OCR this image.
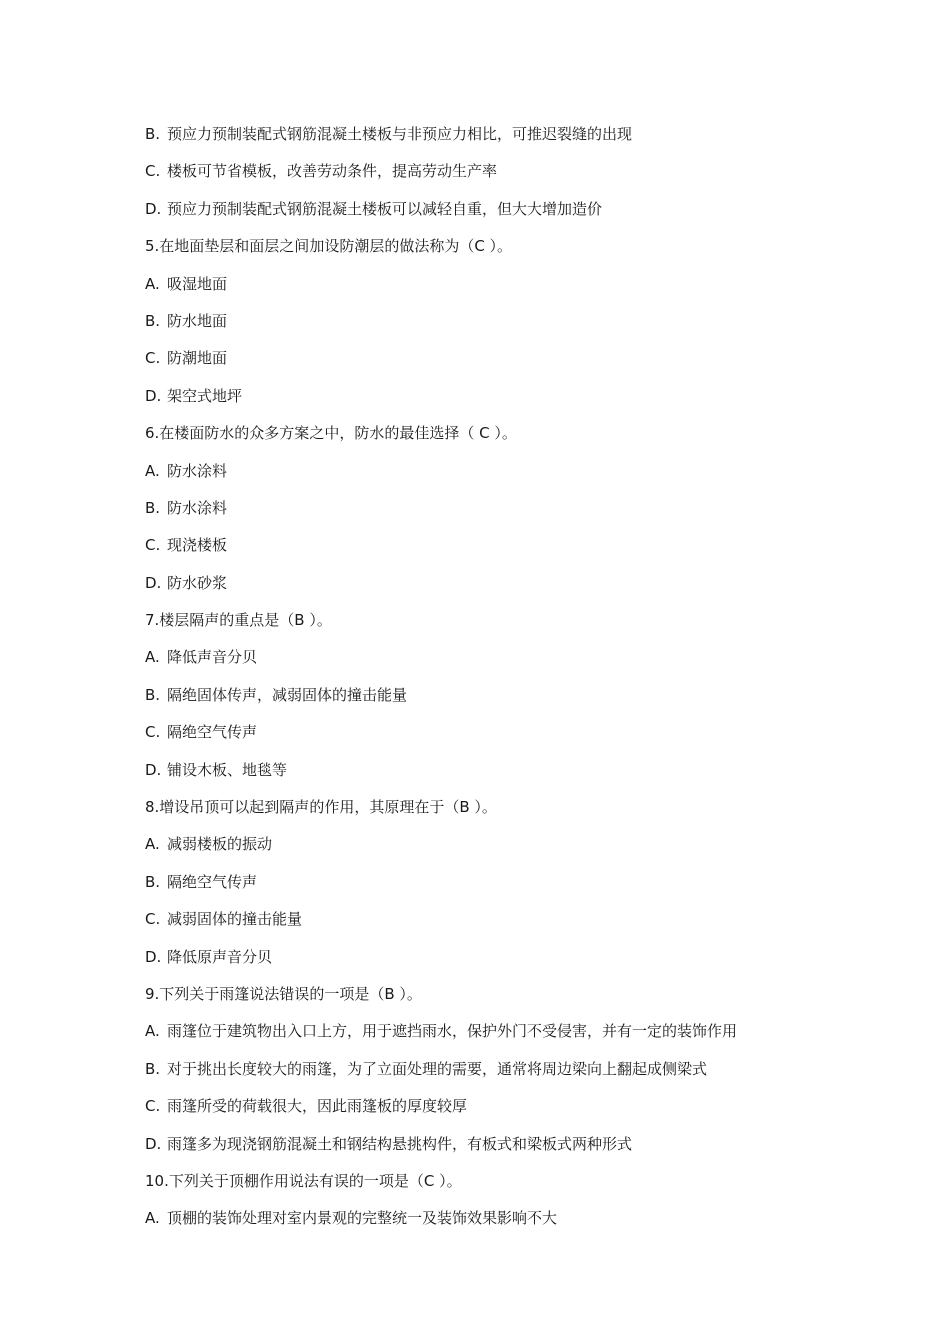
B. 预应力预制装配式钢筋混凝土楼板与非预应力相比，可推迟裂缝的出现
C. 楼板可节省模板，改善劳动条件，提高劳动生产率
D. 预应力预制装配式钢筋混凝土楼板可以减轻自重，但大大增加造价
5.在地面垫层和面层之间加设防潮层的做法称为（C ）。
A. 吸湿地面
B. 防水地面
C. 防潮地面
D. 架空式地坪
6.在楼面防水的众多方案之中，防水的最佳选择（ C ）。
A. 防水涂料
B. 防水涂料
C. 现浇楼板
D. 防水砂浆
7.楼层隔声的重点是（B ）。
A. 降低声音分贝
B. 隔绝固体传声，减弱固体的撞击能量
C. 隔绝空气传声
D. 铺设木板、地毯等
8.增设吊顶可以起到隔声的作用，其原理在于（B ）。
A. 减弱楼板的振动
B. 隔绝空气传声
C. 减弱固体的撞击能量
D. 降低原声音分贝
9.下列关于雨篷说法错误的一项是（B ）。
A. 雨篷位于建筑物出入口上方，用于遮挡雨水，保护外门不受侵害，并有一定的装饰作用
B. 对于挑出长度较大的雨篷，为了立面处理的需要，通常将周边梁向上翻起成侧梁式
C. 雨篷所受的荷载很大，因此雨篷板的厚度较厚
D. 雨篷多为现浇钢筋混凝土和钢结构悬挑构件，有板式和梁板式两种形式
10.下列关于顶棚作用说法有误的一项是（C ）。
A. 顶棚的装饰处理对室内景观的完整统一及装饰效果影响不大
